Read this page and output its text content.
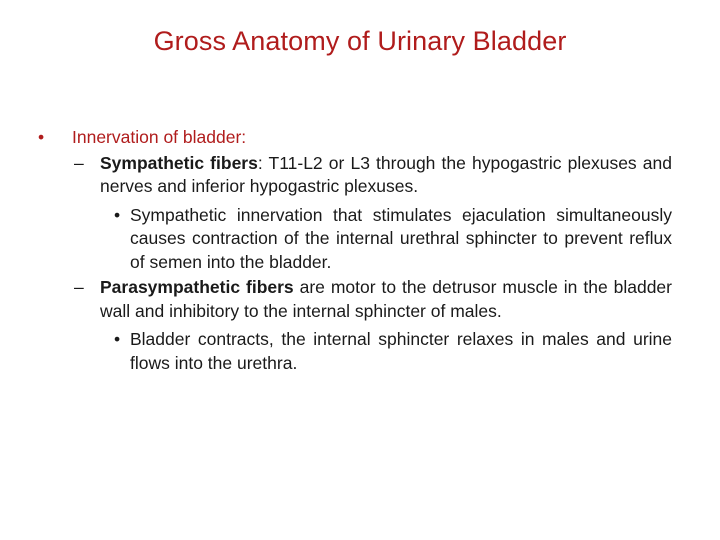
Gross Anatomy of Urinary Bladder
• Innervation of bladder:
– Sympathetic fibers: T11-L2 or L3 through the hypogastric plexuses and nerves and inferior hypogastric plexuses.
• Sympathetic innervation that stimulates ejaculation simultaneously causes contraction of the internal urethral sphincter to prevent reflux of semen into the bladder.
– Parasympathetic fibers are motor to the detrusor muscle in the bladder wall and inhibitory to the internal sphincter of males.
• Bladder contracts, the internal sphincter relaxes in males and urine flows into the urethra.
